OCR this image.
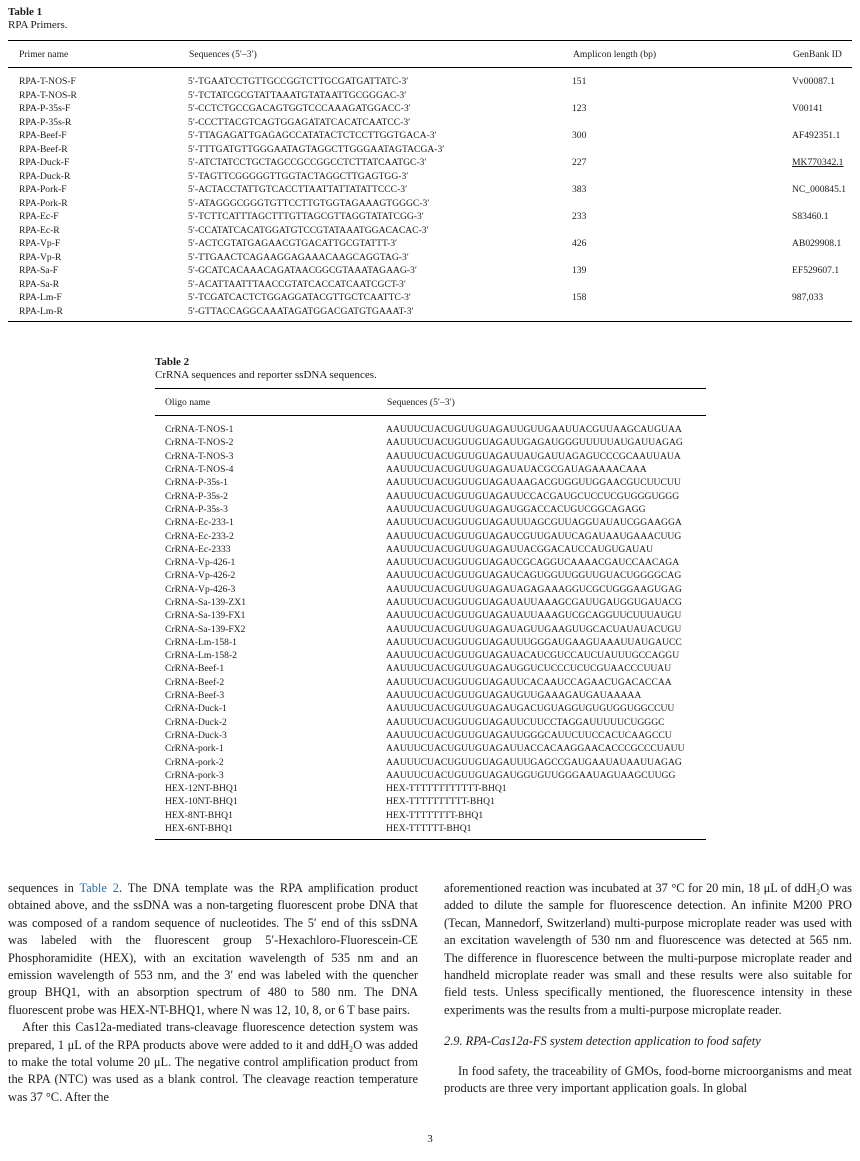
Table 1
RPA Primers.
Primer name	Sequences (5′–3′)	Amplicon length (bp)	GenBank ID
RPA-T-NOS-F	5′-TGAATCCTGTTGCCGGTCTTGCGATGATTATC-3′	151	Vv00087.1
RPA-T-NOS-R	5′-TCTATCGCGTATTAAATGTATAATTGCGGGAC-3′		
RPA-P-35s-F	5′-CCTCTGCCGACAGTGGTCCCAAAGATGGACC-3′	123	V00141
RPA-P-35s-R	5′-CCCTTACGTCAGTGGAGATATCACATCAATCC-3′		
RPA-Beef-F	5′-TTAGAGATTGAGAGCCATATACTCTCCTTGGTGACA-3′	300	AF492351.1
RPA-Beef-R	5′-TTTGATGTTGGGAATAGTAGGCTTGGGAATAGTACGA-3′		
RPA-Duck-F	5′-ATCTATCCTGCTAGCCGCCGGCCTCTTATCAATGC-3′	227	MK770342.1
RPA-Duck-R	5′-TAGTTCGGGGGTTGGTACTAGGCTTGAGTGG-3′		
RPA-Pork-F	5′-ACTACCTATTGTCACCTTAATTATTATATTCCC-3′	383	NC_000845.1
RPA-Pork-R	5′-ATAGGGCGGGTGTTCCTTGTGGTAGAAAGTGGGC-3′		
RPA-Ec-F	5′-TCTTCATTTAGCTTTGTTAGCGTTAGGTATATCGG-3′	233	S83460.1
RPA-Ec-R	5′-CCATATCACATGGATGTCCGTATAAATGGACACAC-3′		
RPA-Vp-F	5′-ACTCGTATGAGAACGTGACATTGCGTATTT-3′	426	AB029908.1
RPA-Vp-R	5′-TTGAACTCAGAAGGAGAAACAAGCAGGTAG-3′		
RPA-Sa-F	5′-GCATCACAAACAGATAACGGCGTAAATAGAAG-3′	139	EF529607.1
RPA-Sa-R	5′-ACATTAATTTAACCGTATCACCATCAATCGCT-3′		
RPA-Lm-F	5′-TCGATCACTCTGGAGGATACGTTGCTCAATTC-3′	158	987,033
RPA-Lm-R	5′-GTTACCAGGCAAATAGATGGACGATGTGAAAT-3′		
Table 2
CrRNA sequences and reporter ssDNA sequences.
Oligo name	Sequences (5′–3′)
CrRNA-T-NOS-1	AAUUUCUACUGUUGUAGAUUGUUGAAUUACGUUAAGCAUGUAA
CrRNA-T-NOS-2	AAUUUCUACUGUUGUAGAUUGAGAUGGGUUUUUAUGAUUAGAG
CrRNA-T-NOS-3	AAUUUCUACUGUUGUAGAUUAUGAUUAGAGUCCCGCAAUUAUA
CrRNA-T-NOS-4	AAUUUCUACUGUUGUAGAUAUACGCGAUAGAAAACAAA
CrRNA-P-35s-1	AAUUUCUACUGUUGUAGAUAAGACGUGGUUGGAACGUCUUCUU
CrRNA-P-35s-2	AAUUUCUACUGUUGUAGAUUCCACGAUGCUCCUCGUGGGUGGG
CrRNA-P-35s-3	AAUUUCUACUGUUGUAGAUGGACCACUGUCGGCAGAGG
CrRNA-Ec-233-1	AAUUUCUACUGUUGUAGAUUUAGCGUUAGGUAUAUCGGAAGGA
CrRNA-Ec-233-2	AAUUUCUACUGUUGUAGAUCGUUGAUUCAGAUAAUGAAACUUG
CrRNA-Ec-2333	AAUUUCUACUGUUGUAGAUUACGGACAUCCAUGUGAUAU
CrRNA-Vp-426-1	AAUUUCUACUGUUGUAGAUCGCAGGUCAAAACGAUCCAACAGA
CrRNA-Vp-426-2	AAUUUCUACUGUUGUAGAUCAGUGGUUGGUUGUACUGGGGCAG
CrRNA-Vp-426-3	AAUUUCUACUGUUGUAGAUAGAGAAAGGUCGCUGGGAAGUGAG
CrRNA-Sa-139-ZX1	AAUUUCUACUGUUGUAGAUAUUAAAGCGAUUGAUGGUGAUACG
CrRNA-Sa-139-FX1	AAUUUCUACUGUUGUAGAUAUUAAAGUCGCAGGUUCUUUAUGU
CrRNA-Sa-139-FX2	AAUUUCUACUGUUGUAGAUAGUUGAAGUUGCACUAUAUACUGU
CrRNA-Lm-158-1	AAUUUCUACUGUUGUAGAUUUGGGAUGAAGUAAAUUAUGAUCC
CrRNA-Lm-158-2	AAUUUCUACUGUUGUAGAUACAUCGUCCAUCUAUUUGCCAGGU
CrRNA-Beef-1	AAUUUCUACUGUUGUAGAUGGUCUCCCUCUCGUAACCCUUAU
CrRNA-Beef-2	AAUUUCUACUGUUGUAGAUUCACAAUCCAGAACUGACACCAA
CrRNA-Beef-3	AAUUUCUACUGUUGUAGAUGUUGAAAGAUGAUAAAAA
CrRNA-Duck-1	AAUUUCUACUGUUGUAGAUGACUGUAGGUGUGUGGUGGCCUU
CrRNA-Duck-2	AAUUUCUACUGUUGUAGAUUCUUCCTAGGAUUUUUCUGGGC
CrRNA-Duck-3	AAUUUCUACUGUUGUAGAUUGGGCAUUCUUCCACUCAAGCCU
CrRNA-pork-1	AAUUUCUACUGUUGUAGAUUACCACAAGGAACACCCGCCCUAUU
CrRNA-pork-2	AAUUUCUACUGUUGUAGAUUUGAGCCGAUGAAUAUAAUUAGAG
CrRNA-pork-3	AAUUUCUACUGUUGUAGAUGGUGUUGGGAAUAGUAAGCUUGG
HEX-12NT-BHQ1	HEX-TTTTTTTTTTTT-BHQ1
HEX-10NT-BHQ1	HEX-TTTTTTTTTT-BHQ1
HEX-8NT-BHQ1	HEX-TTTTTTTT-BHQ1
HEX-6NT-BHQ1	HEX-TTTTTT-BHQ1

sequences in Table 2. The DNA template was the RPA amplification product obtained above, and the ssDNA was a non-targeting fluorescent probe DNA that was composed of a random sequence of nucleotides. The 5′ end of this ssDNA was labeled with the fluorescent group 5′-Hexachloro-Fluorescein-CE Phosphoramidite (HEX), with an excitation wavelength of 535 nm and an emission wavelength of 553 nm, and the 3′ end was labeled with the quencher group BHQ1, with an absorption spectrum of 480 to 580 nm. The DNA fluorescent probe was HEX-NT-BHQ1, where N was 12, 10, 8, or 6 T base pairs.

After this Cas12a-mediated trans-cleavage fluorescence detection system was prepared, 1 μL of the RPA products above were added to it and ddH₂O was added to make the total volume 20 μL. The negative control amplification product from the RPA (NTC) was used as a blank control. The cleavage reaction temperature was 37 °C. After the

aforementioned reaction was incubated at 37 °C for 20 min, 18 μL of ddH₂O was added to dilute the sample for fluorescence detection. An infinite M200 PRO (Tecan, Mannedorf, Switzerland) multi-purpose microplate reader was used with an excitation wavelength of 530 nm and fluorescence was detected at 565 nm. The difference in fluorescence between the multi-purpose microplate reader and handheld microplate reader was small and these results were also suitable for field tests. Unless specifically mentioned, the fluorescence intensity in these experiments was the results from a multi-purpose microplate reader.

2.9. RPA-Cas12a-FS system detection application to food safety

In food safety, the traceability of GMOs, food-borne microorganisms and meat products are three very important application goals. In global

3
